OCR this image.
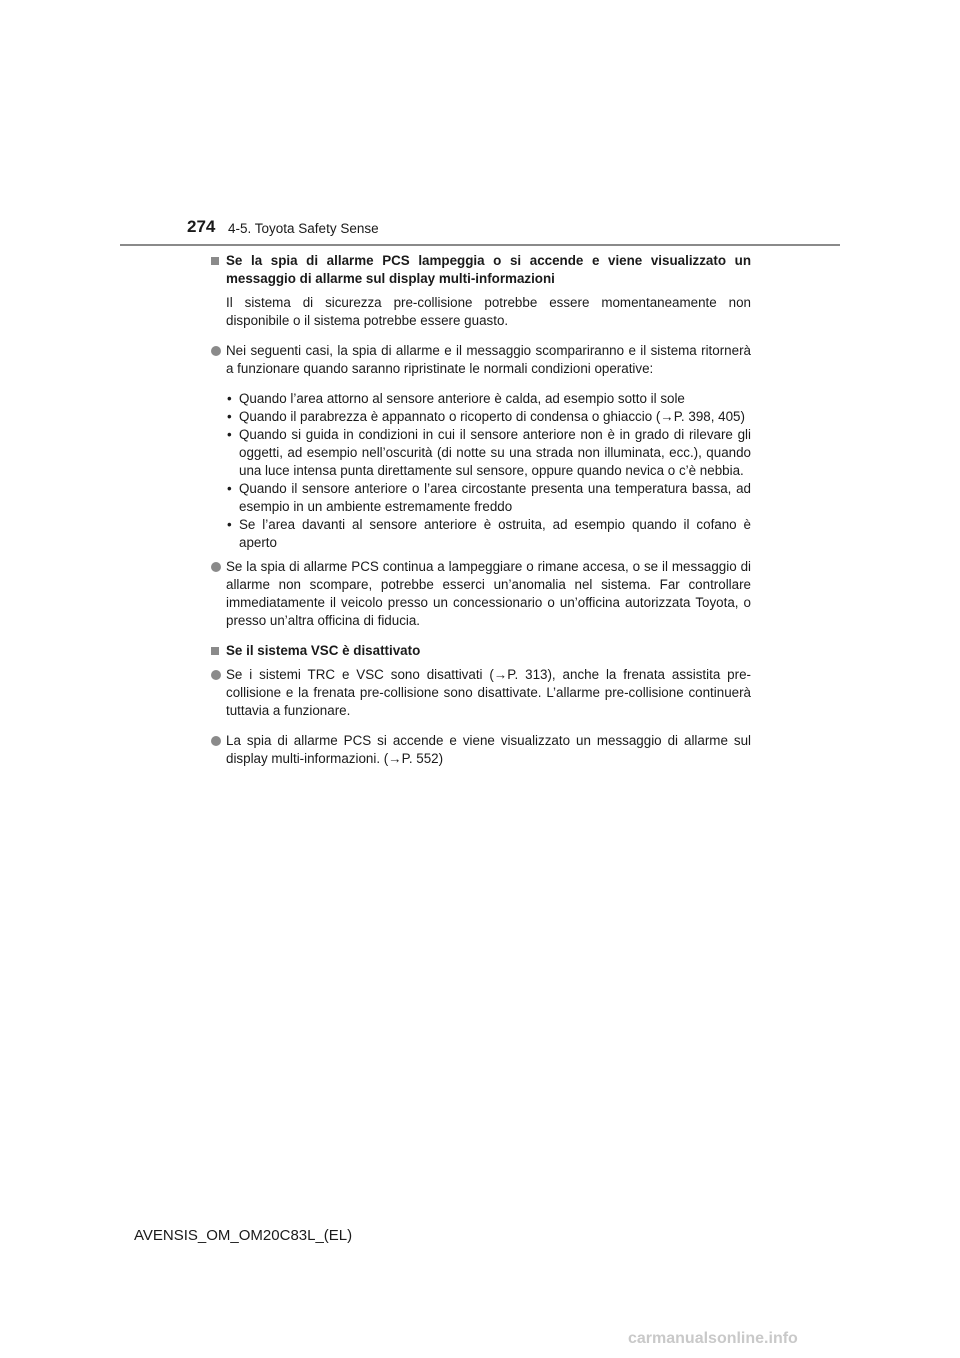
274 4-5. Toyota Safety Sense

Se la spia di allarme PCS lampeggia o si accende e viene visualizzato un messaggio di allarme sul display multi-informazioni

Il sistema di sicurezza pre-collisione potrebbe essere momentaneamente non disponibile o il sistema potrebbe essere guasto.

Nei seguenti casi, la spia di allarme e il messaggio scompariranno e il sistema ritornerà a funzionare quando saranno ripristinate le normali condizioni operative:

• Quando l’area attorno al sensore anteriore è calda, ad esempio sotto il sole
• Quando il parabrezza è appannato o ricoperto di condensa o ghiaccio (→P. 398, 405)
• Quando si guida in condizioni in cui il sensore anteriore non è in grado di rilevare gli oggetti, ad esempio nell’oscurità (di notte su una strada non illuminata, ecc.), quando una luce intensa punta direttamente sul sensore, oppure quando nevica o c’è nebbia.
• Quando il sensore anteriore o l’area circostante presenta una temperatura bassa, ad esempio in un ambiente estremamente freddo
• Se l’area davanti al sensore anteriore è ostruita, ad esempio quando il cofano è aperto

Se la spia di allarme PCS continua a lampeggiare o rimane accesa, o se il messaggio di allarme non scompare, potrebbe esserci un’anomalia nel sistema. Far controllare immediatamente il veicolo presso un concessionario o un’officina autorizzata Toyota, o presso un’altra officina di fiducia.

Se il sistema VSC è disattivato

Se i sistemi TRC e VSC sono disattivati (→P. 313), anche la frenata assistita pre-collisione e la frenata pre-collisione sono disattivate. L’allarme pre-collisione continuerà tuttavia a funzionare.

La spia di allarme PCS si accende e viene visualizzato un messaggio di allarme sul display multi-informazioni. (→P. 552)

AVENSIS_OM_OM20C83L_(EL)
carmanualsonline.info
